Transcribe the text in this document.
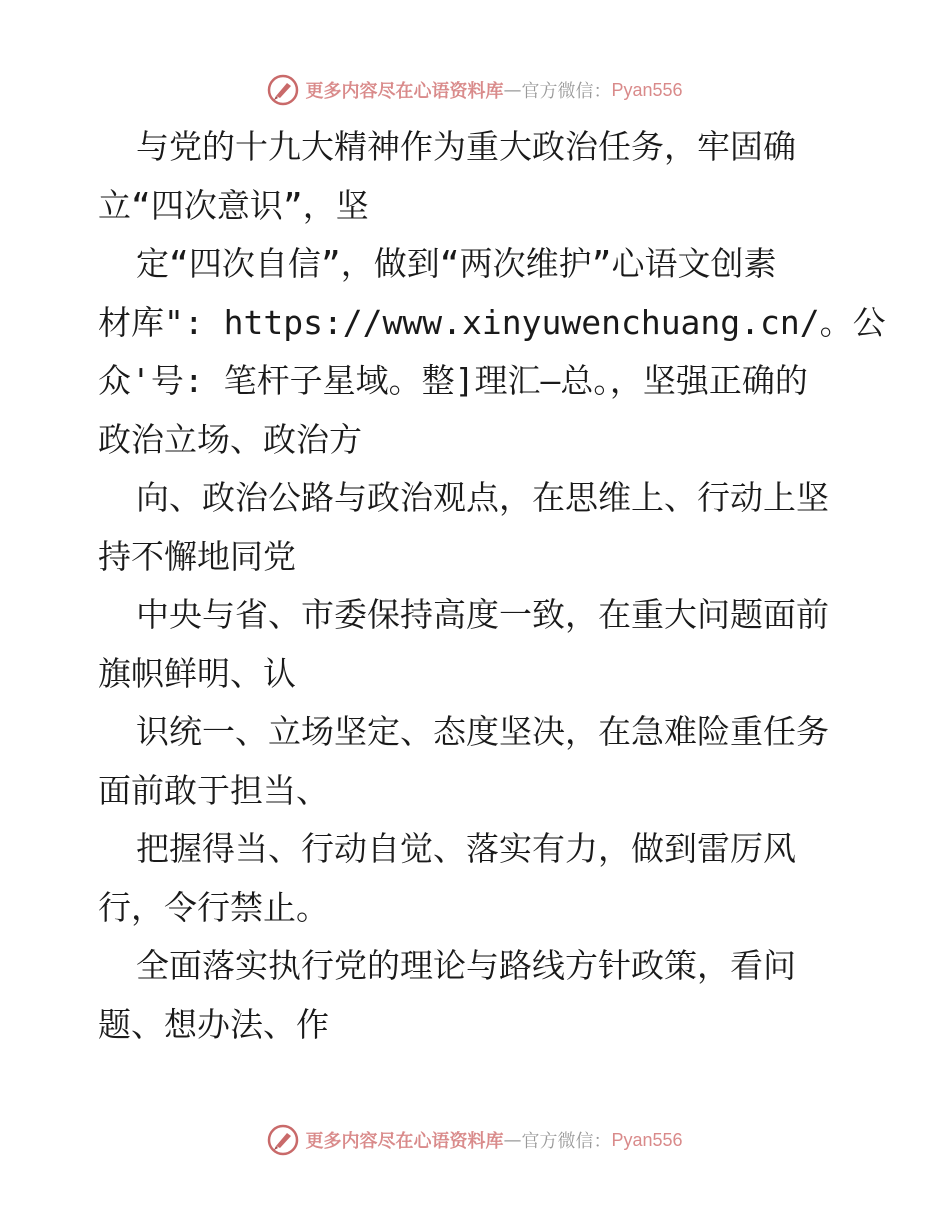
更多内容尽在心语资料库 — 官方微信： Pyan556
与党的十九大精神作为重大政治任务，牢固确
立“四次意识”，坚
定“四次自信”，做到“两次维护”心语文创素
材库": https://www.xinyuwenchuang.cn/。公
众'号: 笔杆子星域。整]理汇—总。，坚强正确的
政治立场、政治方
向、政治公路与政治观点，在思维上、行动上坚
持不懈地同党
中央与省、市委保持高度一致，在重大问题面前
旗帜鲜明、认
识统一、立场坚定、态度坚决，在急难险重任务
面前敢于担当、
把握得当、行动自觉、落实有力，做到雷厉风
行，令行禁止。
全面落实执行党的理论与路线方针政策，看问
题、想办法、作
更多内容尽在心语资料库 — 官方微信： Pyan556
